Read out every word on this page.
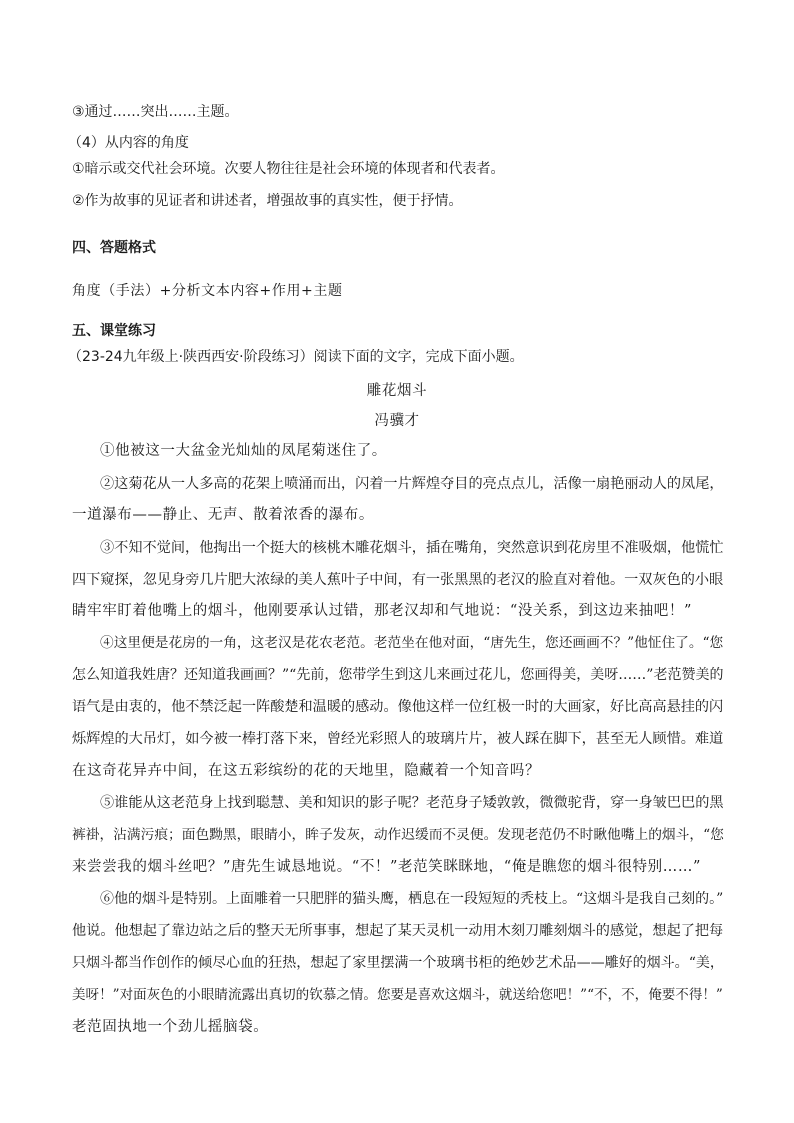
③通过……突出……主题。
（4）从内容的角度
①暗示或交代社会环境。次要人物往往是社会环境的体现者和代表者。
②作为故事的见证者和讲述者，增强故事的真实性，便于抒情。
四、答题格式
角度（手法）+分析文本内容+作用+主题
五、课堂练习
（23-24九年级上·陕西西安·阶段练习）阅读下面的文字，完成下面小题。
雕花烟斗
冯骥才
①他被这一大盆金光灿灿的凤尾菊迷住了。
②这菊花从一人多高的花架上喷涌而出，闪着一片辉煌夺目的亮点点儿，活像一扇艳丽动人的凤尾，
一道瀑布——静止、无声、散着浓香的瀑布。
③不知不觉间，他掏出一个挺大的核桃木雕花烟斗，插在嘴角，突然意识到花房里不准吸烟，他慌忙
四下窥探，忽见身旁几片肥大浓绿的美人蕉叶子中间，有一张黑黑的老汉的脸直对着他。一双灰色的小眼
睛牢牢盯着他嘴上的烟斗，他刚要承认过错，那老汉却和气地说：“没关系，到这边来抽吧！”
④这里便是花房的一角，这老汉是花农老范。老范坐在他对面，“唐先生，您还画画不？”他怔住了。“您
怎么知道我姓唐？还知道我画画？”“先前，您带学生到这儿来画过花儿，您画得美，美呀……”老范赞美的
语气是由衷的，他不禁泛起一阵酸楚和温暖的感动。像他这样一位红极一时的大画家，好比高高悬挂的闪
烁辉煌的大吊灯，如今被一棒打落下来，曾经光彩照人的玻璃片片，被人踩在脚下，甚至无人顾惜。难道
在这奇花异卉中间，在这五彩缤纷的花的天地里，隐藏着一个知音吗？
⑤谁能从这老范身上找到聪慧、美和知识的影子呢？老范身子矮敦敦，微微驼背，穿一身皱巴巴的黑
裤褂，沾满污痕；面色黝黑，眼睛小，眸子发灰，动作迟缓而不灵便。发现老范仍不时瞅他嘴上的烟斗，“您
来尝尝我的烟斗丝吧？”唐先生诚恳地说。“不！”老范笑眯眯地，“俺是瞧您的烟斗很特别……”
⑥他的烟斗是特别。上面雕着一只肥胖的猫头鹰，栖息在一段短短的秃枝上。“这烟斗是我自己刻的。”
他说。他想起了靠边站之后的整天无所事事，想起了某天灵机一动用木刻刀雕刻烟斗的感觉，想起了把每
只烟斗都当作创作的倾尽心血的狂热，想起了家里摆满一个玻璃书柜的绝妙艺术品——雕好的烟斗。“美，
美呀！”对面灰色的小眼睛流露出真切的钦慕之情。您要是喜欢这烟斗，就送给您吧！”“不，不，俺要不得！”
老范固执地一个劲儿摇脑袋。
